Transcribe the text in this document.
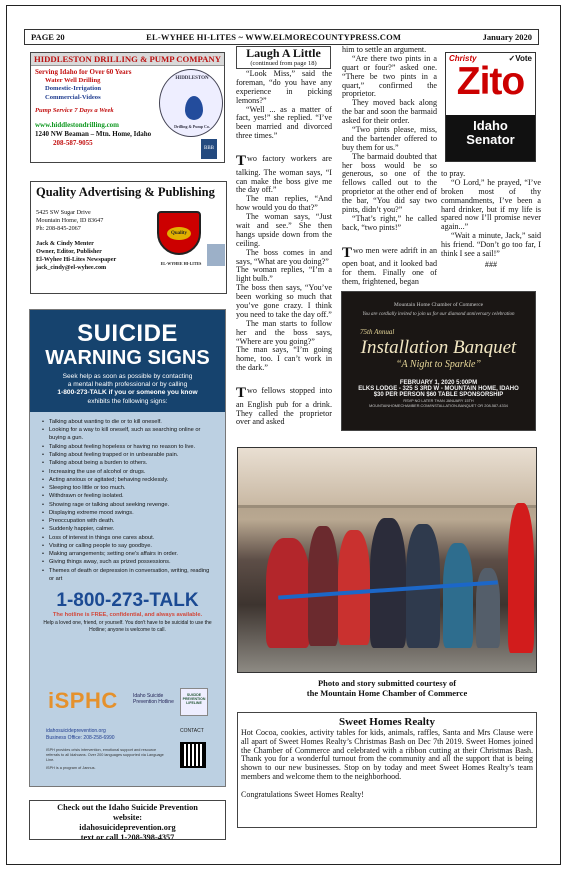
PAGE 20	EL-WYHEE HI-LITES ~ WWW.ELMORECOUNTYPRESS.COM	January 2020
HIDDLESTON DRILLING & PUMP COMPANY
Serving Idaho for Over 60 Years
Water Well Drilling
Domestic-Irrigation
Commercial-Videos
Pump Service 7 Days a Week
www.hiddlestondrilling.com
1240 NW Beaman – Mtn. Home, Idaho
208-587-9055
HIDDLESTON
Drilling & Pump Co.
BBB
Quality Advertising & Publishing
5425 SW Sugar Drive
Mountain Home, ID 83647
Ph: 208-845-2067
Jack & Cindy Menter
Owner, Editor, Publisher
El-Wyhee Hi-Lites Newspaper
jack_cindy@el-wyhee.com
Quality
EL-WYHEE HI-LITES
SUICIDE
WARNING SIGNS
Seek help as soon as possible by contacting
a mental health professional or by calling
1-800-273-TALK if you or someone you know
exhibits the following signs:
• Talking about wanting to die or to kill oneself.
• Looking for a way to kill oneself, such as searching online or buying a gun.
• Talking about feeling hopeless or having no reason to live.
• Talking about feeling trapped or in unbearable pain.
• Talking about being a burden to others.
• Increasing the use of alcohol or drugs.
• Acting anxious or agitated; behaving recklessly.
• Sleeping too little or too much.
• Withdrawn or feeling isolated.
• Showing rage or talking about seeking revenge.
• Displaying extreme mood swings.
• Preoccupation with death.
• Suddenly happier, calmer.
• Loss of interest in things one cares about.
• Visiting or calling people to say goodbye.
• Making arrangements; setting one's affairs in order.
• Giving things away, such as prized possessions.
• Themes of death or depression in conversation, writing, reading or art
1-800-273-TALK
The hotline is FREE, confidential, and always available.
Help a loved one, friend, or yourself. You don't have to be suicidal to use the Hotline; anyone is welcome to call.
iSPHC	Idaho Suicide Prevention Hotline
SUICIDE PREVENTION LIFELINE
idahosuicideprevention.org
Business Office: 208-258-6990
ISPH provides crisis intervention, emotional support and resource referrals to all Idahoans. Over 200 languages supported via Language Line.
ISPH is a program of Jannus.
CONTACT
Check out the Idaho Suicide Prevention
website:
idahosuicideprevention.org
text or call 1-208-398-4357
Laugh A Little
(continued from page 18)

“Look Miss,” said the foreman, “do you have any experience in picking lemons?”

“Well ... as a matter of fact, yes!” she replied. “I’ve been married and divorced three times.”

Two factory workers are talking. The woman says, “I can make the boss give me the day off.”

The man replies, “And how would you do that?”

The woman says, “Just wait and see.” She then hangs upside down from the ceiling.

The boss comes in and says, “What are you doing?”

The woman replies, “I’m a light bulb.”

The boss then says, “You’ve been working so much that you’ve gone crazy. I think you need to take the day off.”

The man starts to follow her and the boss says, “Where are you going?”

The man says, “I’m going home, too. I can’t work in the dark.”

Two fellows stopped into an English pub for a drink. They called the proprietor over and asked

him to settle an argument.

“Are there two pints in a quart or four?” asked one. “There be two pints in a quart,” confirmed the proprietor.

They moved back along the bar and soon the barmaid asked for their order.

“Two pints please, miss, and the bartender offered to buy them for us.”

The barmaid doubted that her boss would be so generous, so one of the fellows called out to the proprietor at the other end of the bar, “You did say two pints, didn’t you?”

“That’s right,” he called back, “two pints!”

Two men were adrift in an open boat, and it looked bad for them. Finally one of them, frightened, began

to pray.

“O Lord,” he prayed, “I’ve broken most of thy commandments, I’ve been a hard drinker, but if my life is spared now I’ll promise never again...”

“Wait a minute, Jack,” said his friend. “Don’t go too far, I think I see a sail!”

###

Christy	✓Vote
Zito
Idaho
Senator
Mountain Home Chamber of Commerce
You are cordially invited to join us for our diamond anniversary celebration
75th Annual
Installation Banquet
“A Night to Sparkle”
FEBRUARY 1, 2020 5:00PM
ELKS LODGE - 325 S 3RD W - MOUNTAIN HOME, IDAHO
$30 PER PERSON $60 TABLE SPONSORSHIP
RSVP NO LATER THAN JANUARY 15TH
MOUNTAINHOMECHAMBER.COM/INSTALLATION-BANQUET OR 208-587-4334
Photo and story submitted courtesy of
the Mountain Home Chamber of Commerce
Sweet Homes Realty

Hot Cocoa, cookies, activity tables for kids, animals, raffles, Santa and Mrs Clause were all apart of Sweet Homes Realty’s Christmas Bash on Dec 7th 2019. Sweet Homes joined the Chamber of Commerce and celebrated with a ribbon cutting at their Christmas Bash. Thank you for a wonderful turnout from the community and all the support that is being shown to our new businesses. Stop on by today and meet Sweet Homes Realty’s team members and welcome them to the neighborhood.

Congratulations Sweet Homes Realty!
